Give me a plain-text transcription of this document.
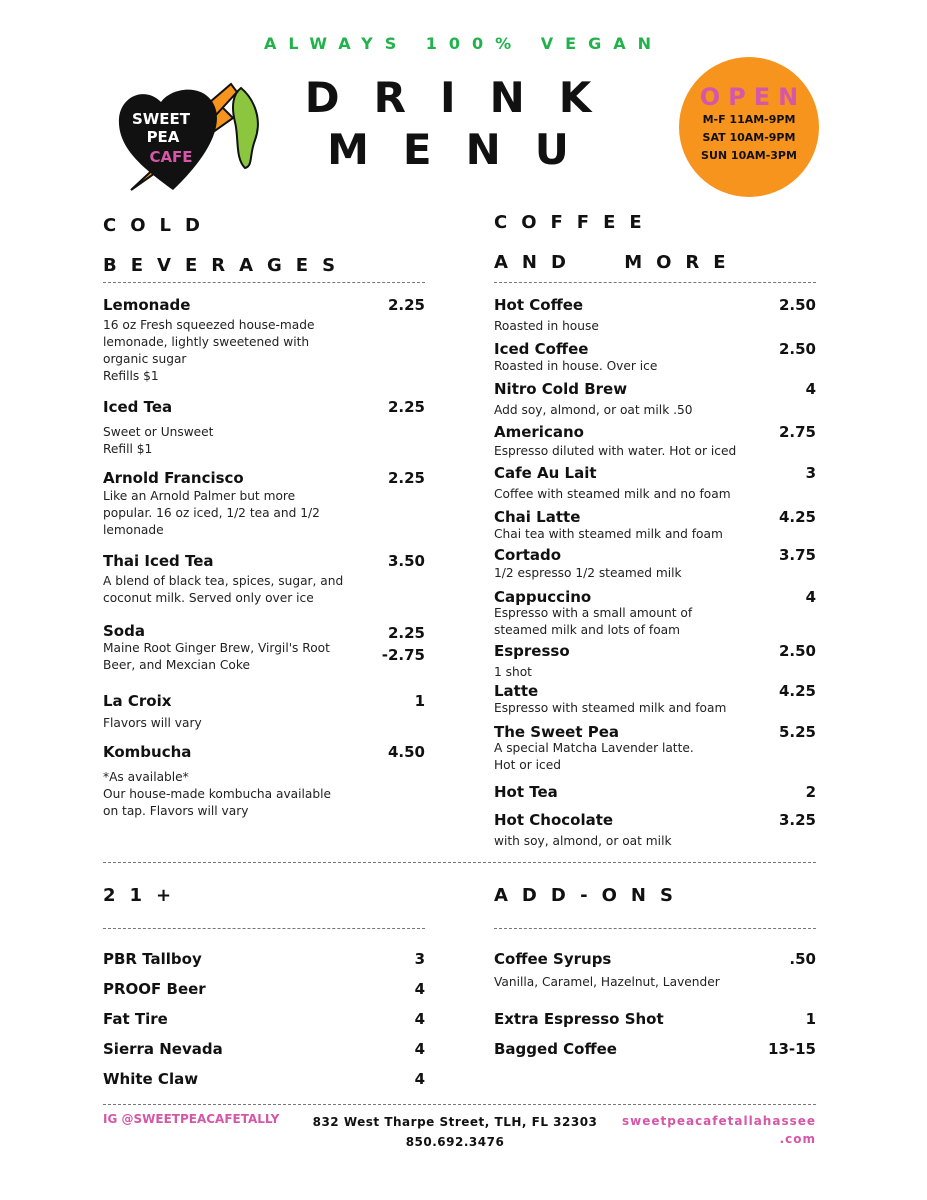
ALWAYS 100% VEGAN
SWEET
PEA
CAFE
DRINK
MENU
OPEN
M-F 11AM-9PM
SAT 10AM-9PM
SUN 10AM-3PM
COLD
BEVERAGES
COFFEE
AND MORE
21+	ADD-ONS
Lemonade	2.25
16 oz Fresh squeezed house-made
lemonade, lightly sweetened with
organic sugar
Refills $1
Iced Tea	2.25
Sweet or Unsweet
Refill $1
Arnold Francisco	2.25
Like an Arnold Palmer but more
popular. 16 oz iced, 1/2 tea and 1/2
lemonade
Thai Iced Tea	3.50
A blend of black tea, spices, sugar, and
coconut milk. Served only over ice
Soda	2.25
-2.75
Maine Root Ginger Brew, Virgil's Root
Beer, and Mexcian Coke
La Croix	1
Flavors will vary
Kombucha	4.50
*As available*
Our house-made kombucha available
on tap. Flavors will vary
Hot Coffee	2.50
Roasted in house
Iced Coffee	2.50
Roasted in house. Over ice
Nitro Cold Brew	4
Add soy, almond, or oat milk .50
Americano	2.75
Espresso diluted with water. Hot or iced
Cafe Au Lait	3
Coffee with steamed milk and no foam
Chai Latte	4.25
Chai tea with steamed milk and foam
Cortado	3.75
1/2 espresso 1/2 steamed milk
Cappuccino	4
Espresso with a small amount of
steamed milk and lots of foam
Espresso	2.50
1 shot
Latte	4.25
Espresso with steamed milk and foam
The Sweet Pea	5.25
A special Matcha Lavender latte.
Hot or iced
Hot Tea	2
Hot Chocolate	3.25
with soy, almond, or oat milk
PBR Tallboy	3
PROOF Beer	4
Fat Tire	4
Sierra Nevada	4
White Claw	4
Coffee Syrups	.50
Vanilla, Caramel, Hazelnut, Lavender
Extra Espresso Shot	1
Bagged Coffee	13-15
IG @SWEETPEACAFETALLY	832 West Tharpe Street, TLH, FL 32303
850.692.3476
sweetpeacafetallahassee
.com
